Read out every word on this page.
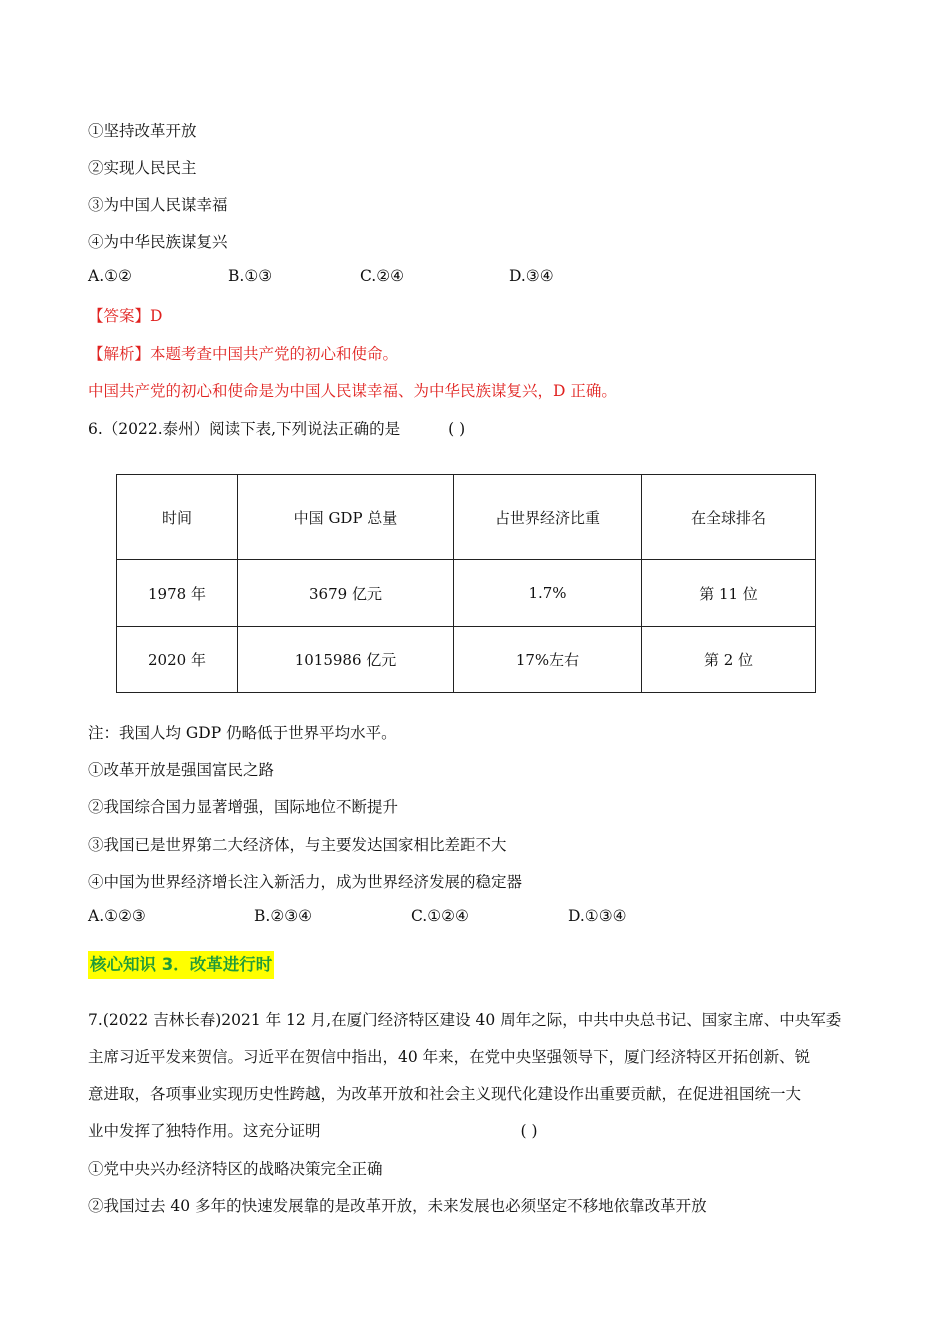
①坚持改革开放
②实现人民民主
③为中国人民谋幸福
④为中华民族谋复兴
A.①②	B.①③	C.②④	D.③④
【答案】D
【解析】本题考查中国共产党的初心和使命。
中国共产党的初心和使命是为中国人民谋幸福、为中华民族谋复兴，D 正确。
6.（2022.泰州）阅读下表,下列说法正确的是	( )
时间	中国 GDP 总量	占世界经济比重	在全球排名
1978 年	3679 亿元	1.7%	第 11 位
2020 年	1015986 亿元	17%左右	第 2 位
注：我国人均 GDP 仍略低于世界平均水平。
①改革开放是强国富民之路
②我国综合国力显著增强，国际地位不断提升
③我国已是世界第二大经济体，与主要发达国家相比差距不大
④中国为世界经济增长注入新活力，成为世界经济发展的稳定器
A.①②③	B.②③④	C.①②④	D.①③④
核心知识 3．改革进行时
7.(2022 吉林长春)2021 年 12 月,在厦门经济特区建设 40 周年之际，中共中央总书记、国家主席、中央军委
主席习近平发来贺信。习近平在贺信中指出，40 年来，在党中央坚强领导下，厦门经济特区开拓创新、锐
意进取，各项事业实现历史性跨越，为改革开放和社会主义现代化建设作出重要贡献，在促进祖国统一大
业中发挥了独特作用。这充分证明	( )
①党中央兴办经济特区的战略决策完全正确
②我国过去 40 多年的快速发展靠的是改革开放，未来发展也必须坚定不移地依靠改革开放
